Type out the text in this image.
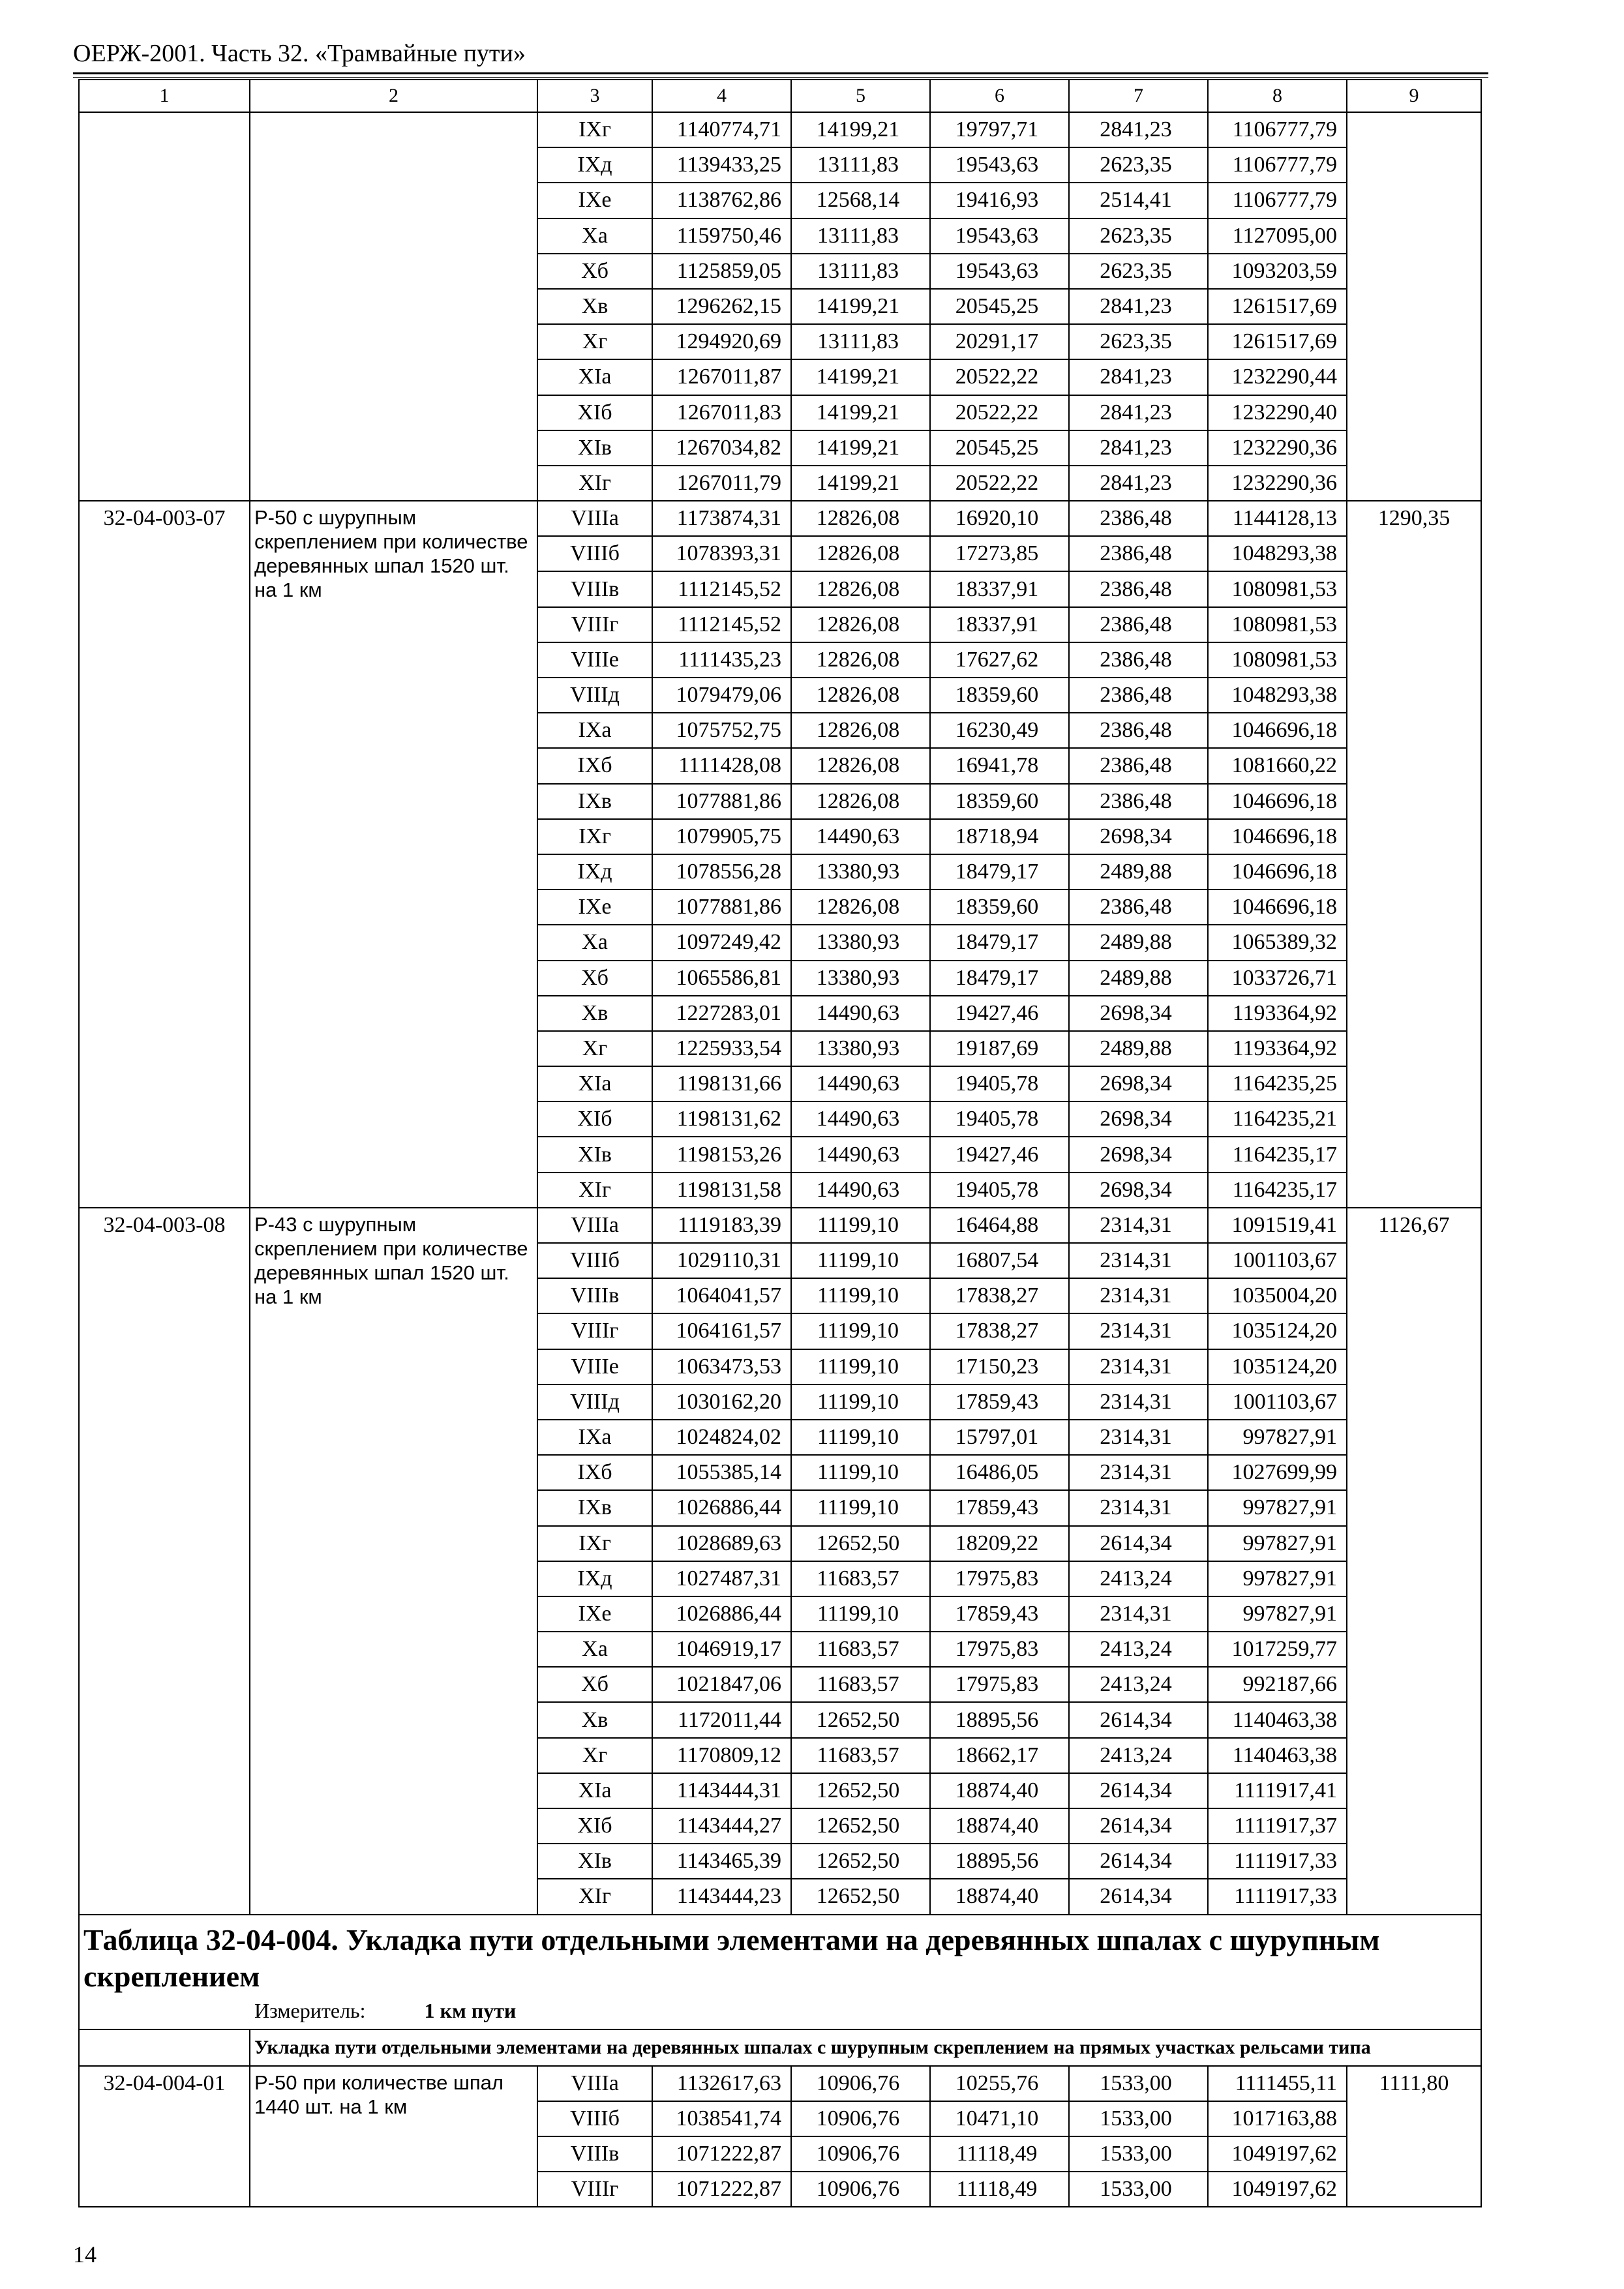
ОЕРЖ-2001. Часть 32. «Трамвайные пути»
1	2	3	4	5	6	7	8	9
		IXг	1140774,71	14199,21	19797,71	2841,23	1106777,79	
		IXд	1139433,25	13111,83	19543,63	2623,35	1106777,79	
		IXе	1138762,86	12568,14	19416,93	2514,41	1106777,79	
		Xа	1159750,46	13111,83	19543,63	2623,35	1127095,00	
		Xб	1125859,05	13111,83	19543,63	2623,35	1093203,59	
		Xв	1296262,15	14199,21	20545,25	2841,23	1261517,69	
		Xг	1294920,69	13111,83	20291,17	2623,35	1261517,69	
		XIа	1267011,87	14199,21	20522,22	2841,23	1232290,44	
		XIб	1267011,83	14199,21	20522,22	2841,23	1232290,40	
		XIв	1267034,82	14199,21	20545,25	2841,23	1232290,36	
		XIг	1267011,79	14199,21	20522,22	2841,23	1232290,36	
32-04-003-07	Р-50 с шурупным скреплением при количестве деревянных шпал 1520 шт. на 1 км	VIIIа	1173874,31	12826,08	16920,10	2386,48	1144128,13	1290,35
		VIIIб	1078393,31	12826,08	17273,85	2386,48	1048293,38	
		VIIIв	1112145,52	12826,08	18337,91	2386,48	1080981,53	
		VIIIг	1112145,52	12826,08	18337,91	2386,48	1080981,53	
		VIIIе	1111435,23	12826,08	17627,62	2386,48	1080981,53	
		VIIIд	1079479,06	12826,08	18359,60	2386,48	1048293,38	
		IXа	1075752,75	12826,08	16230,49	2386,48	1046696,18	
		IXб	1111428,08	12826,08	16941,78	2386,48	1081660,22	
		IXв	1077881,86	12826,08	18359,60	2386,48	1046696,18	
		IXг	1079905,75	14490,63	18718,94	2698,34	1046696,18	
		IXд	1078556,28	13380,93	18479,17	2489,88	1046696,18	
		IXе	1077881,86	12826,08	18359,60	2386,48	1046696,18	
		Xа	1097249,42	13380,93	18479,17	2489,88	1065389,32	
		Xб	1065586,81	13380,93	18479,17	2489,88	1033726,71	
		Xв	1227283,01	14490,63	19427,46	2698,34	1193364,92	
		Xг	1225933,54	13380,93	19187,69	2489,88	1193364,92	
		XIа	1198131,66	14490,63	19405,78	2698,34	1164235,25	
		XIб	1198131,62	14490,63	19405,78	2698,34	1164235,21	
		XIв	1198153,26	14490,63	19427,46	2698,34	1164235,17	
		XIг	1198131,58	14490,63	19405,78	2698,34	1164235,17	
32-04-003-08	Р-43 с шурупным скреплением при количестве деревянных шпал 1520 шт. на 1 км	VIIIа	1119183,39	11199,10	16464,88	2314,31	1091519,41	1126,67
		VIIIб	1029110,31	11199,10	16807,54	2314,31	1001103,67	
		VIIIв	1064041,57	11199,10	17838,27	2314,31	1035004,20	
		VIIIг	1064161,57	11199,10	17838,27	2314,31	1035124,20	
		VIIIе	1063473,53	11199,10	17150,23	2314,31	1035124,20	
		VIIIд	1030162,20	11199,10	17859,43	2314,31	1001103,67	
		IXа	1024824,02	11199,10	15797,01	2314,31	997827,91	
		IXб	1055385,14	11199,10	16486,05	2314,31	1027699,99	
		IXв	1026886,44	11199,10	17859,43	2314,31	997827,91	
		IXг	1028689,63	12652,50	18209,22	2614,34	997827,91	
		IXд	1027487,31	11683,57	17975,83	2413,24	997827,91	
		IXе	1026886,44	11199,10	17859,43	2314,31	997827,91	
		Xа	1046919,17	11683,57	17975,83	2413,24	1017259,77	
		Xб	1021847,06	11683,57	17975,83	2413,24	992187,66	
		Xв	1172011,44	12652,50	18895,56	2614,34	1140463,38	
		Xг	1170809,12	11683,57	18662,17	2413,24	1140463,38	
		XIа	1143444,31	12652,50	18874,40	2614,34	1111917,41	
		XIб	1143444,27	12652,50	18874,40	2614,34	1111917,37	
		XIв	1143465,39	12652,50	18895,56	2614,34	1111917,33	
		XIг	1143444,23	12652,50	18874,40	2614,34	1111917,33	

Таблица 32-04-004. Укладка пути отдельными элементами на деревянных шпалах с шурупным скреплением
Измеритель: 1 км пути								

	Укладка пути отдельными элементами на деревянных шпалах с шурупным скреплением на прямых участках рельсами типа							
32-04-004-01	Р-50 при количестве шпал 1440 шт. на 1 км	VIIIа	1132617,63	10906,76	10255,76	1533,00	1111455,11	1111,80
		VIIIб	1038541,74	10906,76	10471,10	1533,00	1017163,88	
		VIIIв	1071222,87	10906,76	11118,49	1533,00	1049197,62	
		VIIIг	1071222,87	10906,76	11118,49	1533,00	1049197,62	
14
